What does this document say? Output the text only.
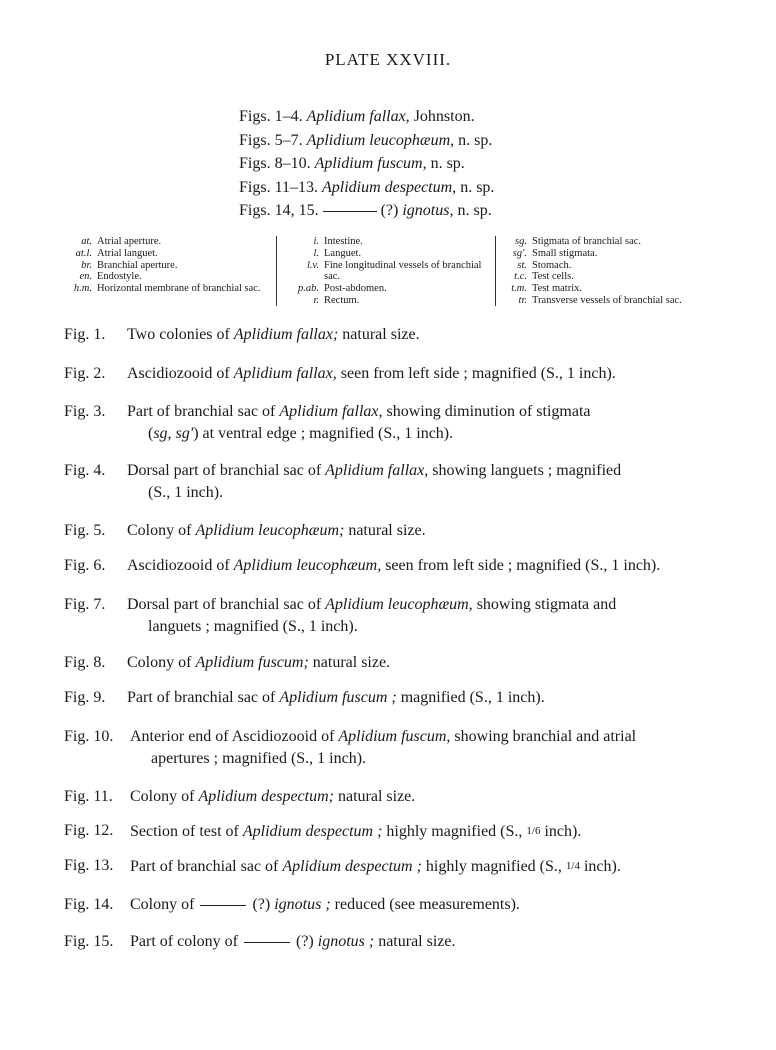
PLATE XXVIII.
Figs. 1–4. Aplidium fallax, Johnston.
Figs. 5–7. Aplidium leucophæum, n. sp.
Figs. 8–10. Aplidium fuscum, n. sp.
Figs. 11–13. Aplidium despectum, n. sp.
Figs. 14, 15.	(?) ignotus, n. sp.
at. Atrial aperture.
at.l. Atrial languet.
br. Branchial aperture.
en. Endostyle.
h.m. Horizontal membrane of branchial sac.
i. Intestine.
l. Languet.
l.v. Fine longitudinal vessels of branchial sac.
p.ab. Post-abdomen.
r. Rectum.
sg. Stigmata of branchial sac.
sg'. Small stigmata.
st. Stomach.
t.c. Test cells.
t.m. Test matrix.
tr. Transverse vessels of branchial sac.
Fig. 1.	Two colonies of Aplidium fallax; natural size.
Fig. 2.	Ascidiozooid of Aplidium fallax, seen from left side ; magnified (S., 1 inch).
Fig. 3.	Part of branchial sac of Aplidium fallax, showing diminution of stigmata
(sg, sg') at ventral edge ; magnified (S., 1 inch).
Fig. 4.	Dorsal part of branchial sac of Aplidium fallax, showing languets ; magnified
(S., 1 inch).
Fig. 5.	Colony of Aplidium leucophæum; natural size.
Fig. 6.	Ascidiozooid of Aplidium leucophæum, seen from left side ; magnified (S., 1 inch).
Fig. 7.	Dorsal part of branchial sac of Aplidium leucophæum, showing stigmata and
languets ; magnified (S., 1 inch).
Fig. 8.	Colony of Aplidium fuscum; natural size.
Fig. 9.	Part of branchial sac of Aplidium fuscum ; magnified (S., 1 inch).
Fig. 10.	Anterior end of Ascidiozooid of Aplidium fuscum, showing branchial and atrial
apertures ; magnified (S., 1 inch).
Fig. 11.	Colony of Aplidium despectum; natural size.
Fig. 12.	Section of test of Aplidium despectum ; highly magnified (S., 1/6 inch).
Fig. 13.	Part of branchial sac of Aplidium despectum ; highly magnified (S., 1/4 inch).
Fig. 14.	Colony of	(?) ignotus ; reduced (see measurements).
Fig. 15.	Part of colony of	(?) ignotus ; natural size.
